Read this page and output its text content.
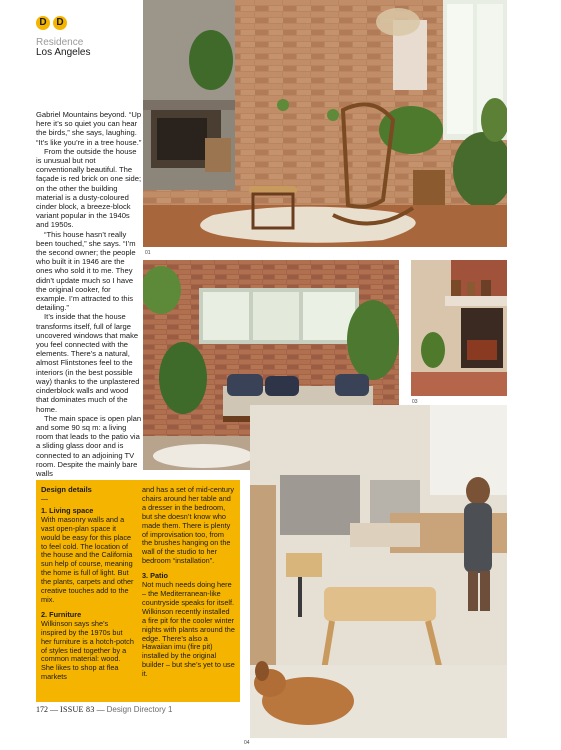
D D
Residence
Los Angeles

Gabriel Mountains beyond. “Up here it’s so quiet you can hear the birds,” she says, laughing. “It’s like you’re in a tree house.”

From the outside the house is unusual but not conventionally beautiful. The façade is red brick on one side; on the other the building material is a dusty-coloured cinder block, a breeze-block variant popular in the 1940s and 1950s.

“This house hasn’t really been touched,” she says. “I’m the second owner; the people who built it in 1946 are the ones who sold it to me. They didn’t update much so I have the original cooker, for example. I’m attracted to this detailing.”

It’s inside that the house transforms itself, full of large uncovered windows that make you feel connected with the elements. There’s a natural, almost Flintstones feel to the interiors (in the best possible way) thanks to the unplastered cinderblock walls and wood that dominates much of the home.

The main space is open plan and some 90 sq m: a living room that leads to the patio via a sliding glass door and is connected to an adjoining TV room. Despite the mainly bare walls

01
03
Design details
—
1. Living space
With masonry walls and a vast open-plan space it would be easy for this place to feel cold. The location of the house and the California sun help of course, meaning the home is full of light. But the plants, carpets and other creative touches add to the mix.
2. Furniture
Wilkinson says she’s inspired by the 1970s but her furniture is a hotch-potch of styles tied together by a common material: wood. She likes to shop at flea markets
and has a set of mid-century chairs around her table and a dresser in the bedroom, but she doesn’t know who made them. There is plenty of improvisation too, from the brushes hanging on the wall of the studio to her bedroom “installation”.
3. Patio
Not much needs doing here – the Mediterranean-like countryside speaks for itself. Wilkinson recently installed a fire pit for the cooler winter nights with plants around the edge. There’s also a Hawaiian imu (fire pit) installed by the original builder – but she’s yet to use it.
04
172 — ISSUE 83 — Design Directory 1
